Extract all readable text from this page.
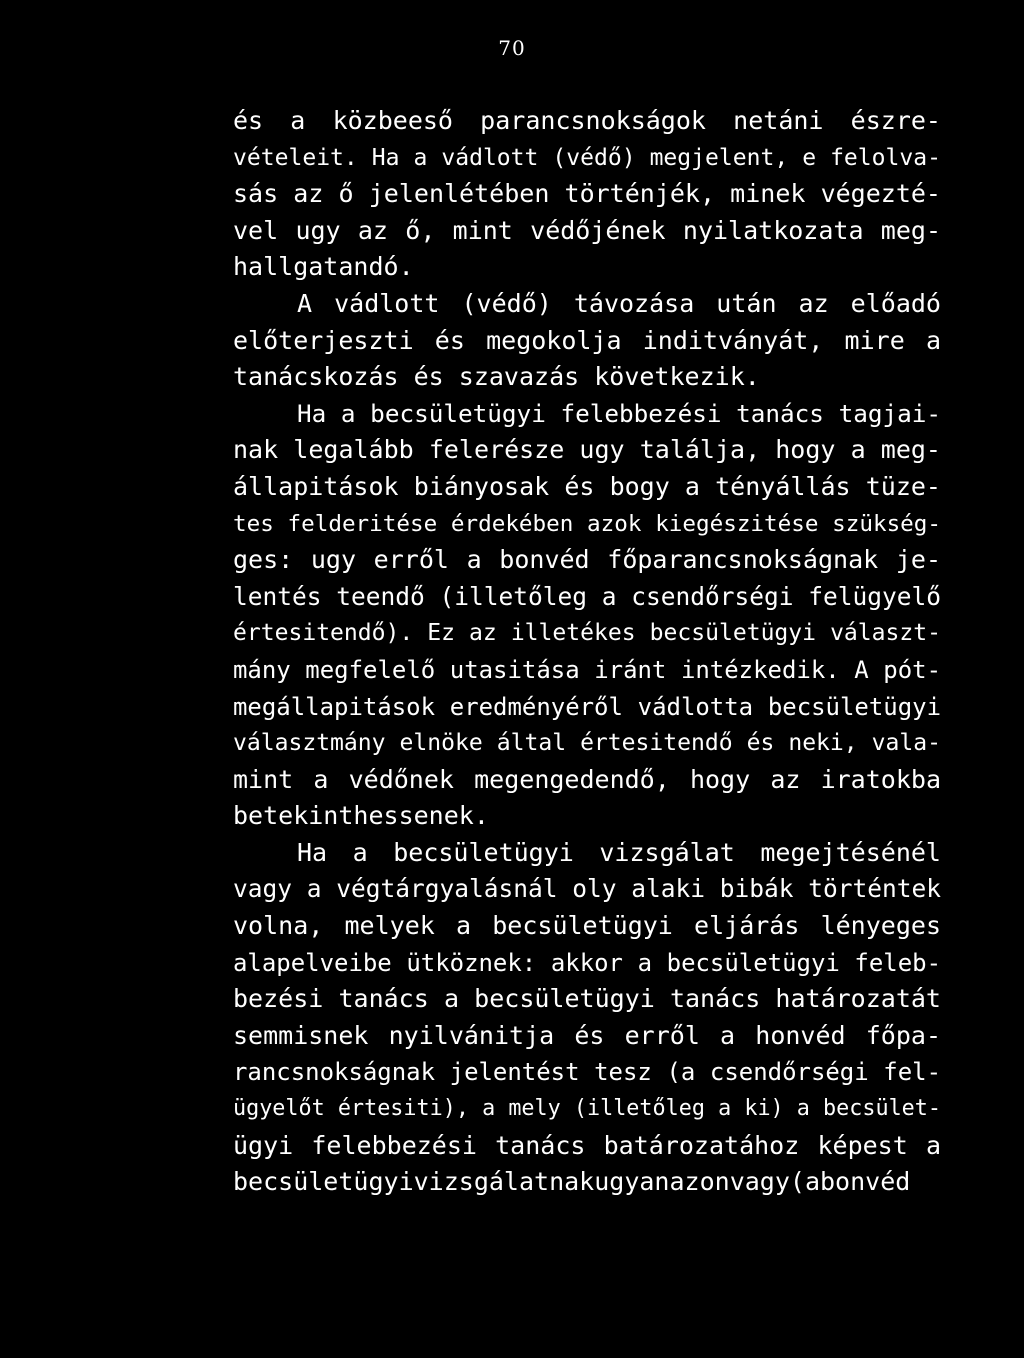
70
és a közbeeső parancsnokságok netáni észre-
vételeit. Ha a vádlott (védő) megjelent, e felolva-
sás az ő jelenlétében történjék, minek végezté-
vel ugy az ő, mint védőjének nyilatkozata meg-
hallgatandó.
A vádlott (védő) távozása után az előadó
előterjeszti és megokolja inditványát, mire a
tanácskozás és szavazás következik.
Ha a becsületügyi felebbezési tanács tagjai-
nak legalább felerésze ugy találja, hogy a meg-
állapitások biányosak és bogy a tényállás tüze-
tes felderitése érdekében azok kiegészitése szükség-
ges: ugy erről a bonvéd főparancsnokságnak je-
lentés teendő (illetőleg a csendőrségi felügyelő
értesitendő). Ez az illetékes becsületügyi választ-
mány megfelelő utasitása iránt intézkedik. A pót-
megállapitások eredményéről vádlotta becsületügyi
választmány elnöke által értesitendő és neki, vala-
mint a védőnek megengedendő, hogy az iratokba
betekinthessenek.
Ha a becsületügyi vizsgálat megejtésénél
vagy a végtárgyalásnál oly alaki bibák történtek
volna, melyek a becsületügyi eljárás lényeges
alapelveibe ütköznek: akkor a becsületügyi feleb-
bezési tanács a becsületügyi tanács határozatát
semmisnek nyilvánitja és erről a honvéd főpa-
rancsnokságnak jelentést tesz (a csendőrségi fel-
ügyelőt értesiti), a mely (illetőleg a ki) a becsület-
ügyi felebbezési tanács batározatához képest a
becsületügyivizsgálatnakugyanazonvagy(abonvéd
